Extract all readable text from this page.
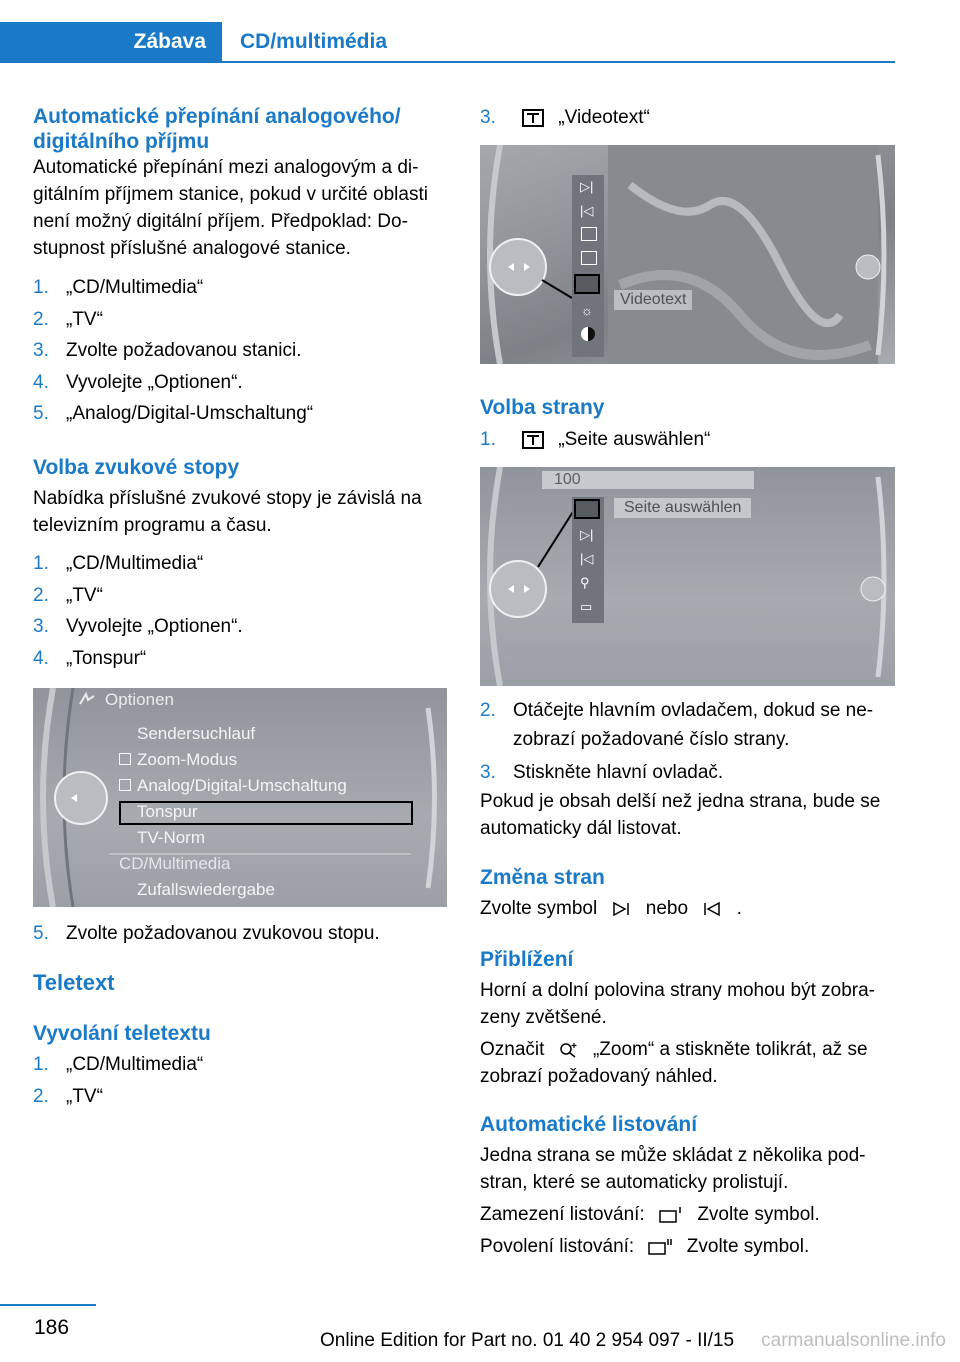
Zábava	CD/multimédia
Automatické přepínání analogového/ digitálního příjmu
Automatické přepínání mezi analogovým a di‐ gitálním příjmem stanice, pokud v určité oblasti není možný digitální příjem. Předpoklad: Do‐ stupnost příslušné analogové stanice.
1. „CD/Multimedia“
2. „TV“
3. Zvolte požadovanou stanici.
4. Vyvolejte „Optionen“.
5. „Analog/Digital-Umschaltung“
Volba zvukové stopy
Nabídka příslušné zvukové stopy je závislá na televizním programu a času.
1. „CD/Multimedia“
2. „TV“
3. Vyvolejte „Optionen“.
4. „Tonspur“
Optionen
Sendersuchlauf
Zoom-Modus
Analog/Digital-Umschaltung
Tonspur
TV-Norm
CD/Multimedia
Zufallswiedergabe
5. Zvolte požadovanou zvukovou stopu.
Teletext
Vyvolání teletextu
1. „CD/Multimedia“
2. „TV“
3.	„Videotext“
▷|
|◁
☼
Videotext
Volba strany
1.	„Seite auswählen“
100
▷|
|◁
⚲
▭
Seite auswählen
2. Otáčejte hlavním ovladačem, dokud se ne‐ zobrazí požadované číslo strany.
3. Stiskněte hlavní ovladač.
Pokud je obsah delší než jedna strana, bude se automaticky dál listovat.
Změna stran
Zvolte symbol	nebo	.
Přiblížení
Horní a dolní polovina strany mohou být zobra‐ zeny zvětšené.
Označit	„Zoom“ a stiskněte tolikrát, až se zobrazí požadovaný náhled.
Automatické listování
Jedna strana se může skládat z několika pod‐ stran, které se automaticky prolistují.
Zamezení listování:	Zvolte symbol.
Povolení listování:	Zvolte symbol.
186
Online Edition for Part no. 01 40 2 954 097 - II/15 carmanualsonline.info
